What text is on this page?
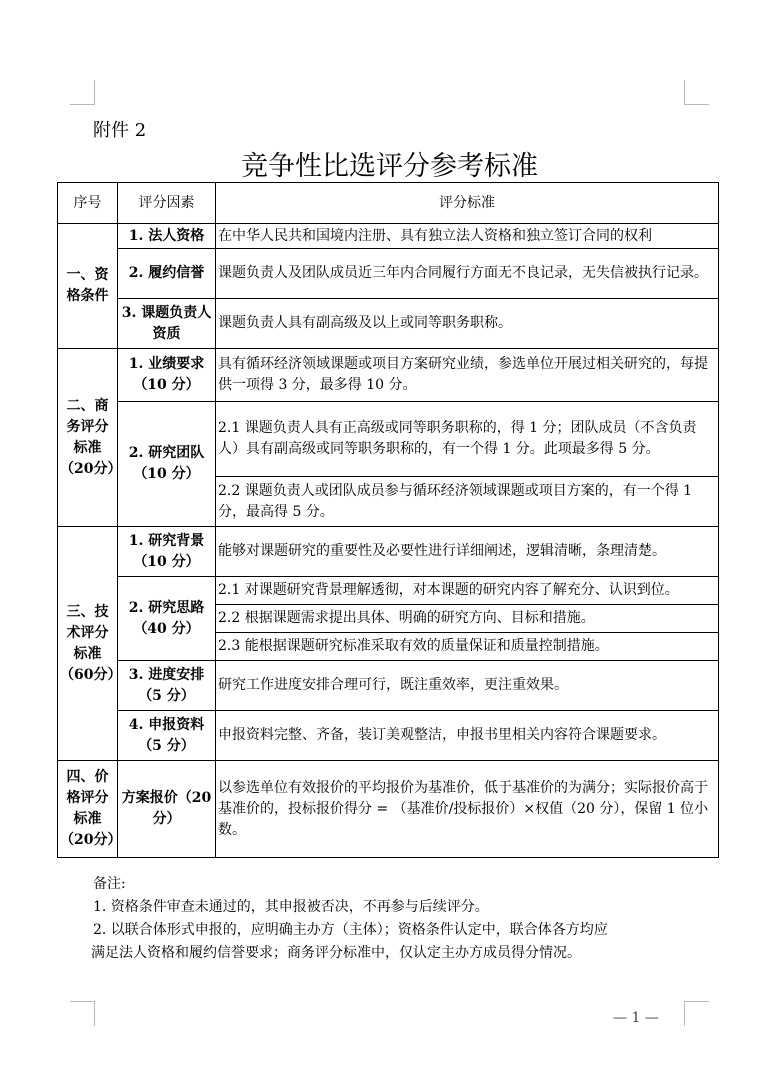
附件 2
竞争性比选评分参考标准
序号	评分因素	评分标准
一、资格条件	1. 法人资格	在中华人民共和国境内注册、具有独立法人资格和独立签订合同的权利
	2. 履约信誉	课题负责人及团队成员近三年内合同履行方面无不良记录，无失信被执行记录。
	3. 课题负责人资质	课题负责人具有副高级及以上或同等职务职称。
二、商务评分标准（20分）	1. 业绩要求（10 分）	具有循环经济领域课题或项目方案研究业绩，参选单位开展过相关研究的，每提供一项得 3 分，最多得 10 分。
	2. 研究团队（10 分）	2.1 课题负责人具有正高级或同等职务职称的，得 1 分；团队成员（不含负责人）具有副高级或同等职务职称的，有一个得 1 分。此项最多得 5 分。
		2.2 课题负责人或团队成员参与循环经济领域课题或项目方案的，有一个得 1 分，最高得 5 分。
三、技术评分标准（60分）	1. 研究背景（10 分）	能够对课题研究的重要性及必要性进行详细阐述，逻辑清晰，条理清楚。
	2. 研究思路（40 分）	2.1 对课题研究背景理解透彻，对本课题的研究内容了解充分、认识到位。
		2.2 根据课题需求提出具体、明确的研究方向、目标和措施。
		2.3 能根据课题研究标准采取有效的质量保证和质量控制措施。
	3. 进度安排（5 分）	研究工作进度安排合理可行，既注重效率，更注重效果。
	4. 申报资料（5 分）	申报资料完整、齐备，装订美观整洁，申报书里相关内容符合课题要求。
四、价格评分标准（20分）	方案报价（20 分）	以参选单位有效报价的平均报价为基准价，低于基准价的为满分；实际报价高于基准价的，投标报价得分 = （基准价/投标报价）×权值（20 分），保留 1 位小数。
备注:
1. 资格条件审查未通过的，其申报被否决，不再参与后续评分。
2. 以联合体形式申报的，应明确主办方（主体）；资格条件认定中，联合体各方均应
满足法人资格和履约信誉要求；商务评分标准中，仅认定主办方成员得分情况。
— 1 —
